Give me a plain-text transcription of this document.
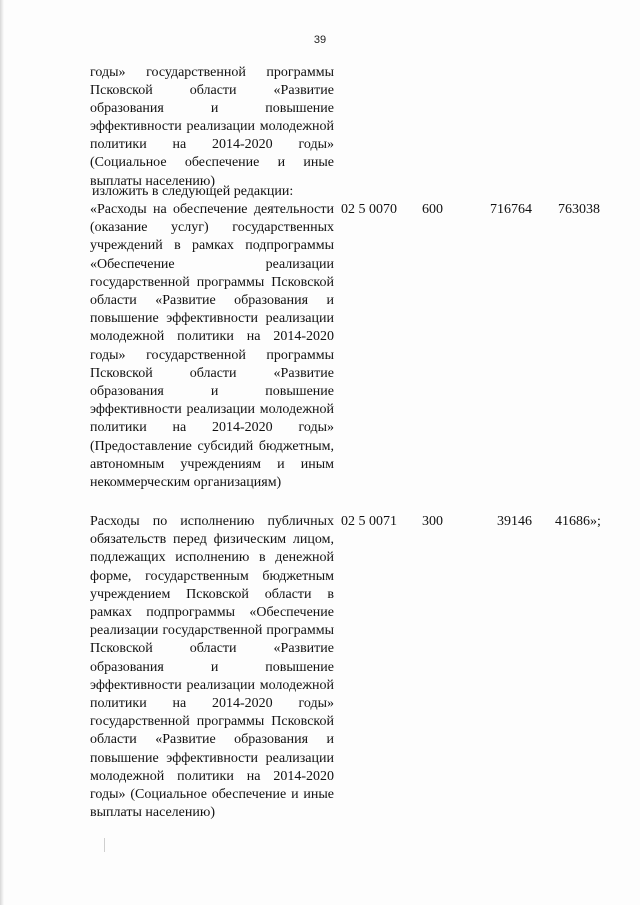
39
годы» государственной программы Псковской области «Развитие образования и повышение эффективности реализации молодежной политики на 2014-2020 годы» (Социальное обеспечение и иные выплаты населению)
изложить в следующей редакции:
«Расходы на обеспечение деятельности (оказание услуг) государственных учреждений в рамках подпрограммы «Обеспечение реализации государственной программы Псковской области «Развитие образования и повышение эффективности реализации молодежной политики на 2014-2020 годы» государственной программы Псковской области «Развитие образования и повышение эффективности реализации молодежной политики на 2014-2020 годы» (Предоставление субсидий бюджетным, автономным учреждениям и иным некоммерческим организациям)
02 5 0070 600	716764 763038
Расходы по исполнению публичных обязательств перед физическим лицом, подлежащих исполнению в денежной форме, государственным бюджетным учреждением Псковской области в рамках подпрограммы «Обеспечение реализации государственной программы Псковской области «Развитие образования и повышение эффективности реализации молодежной политики на 2014-2020 годы» государственной программы Псковской области «Развитие образования и повышение эффективности реализации молодежной политики на 2014-2020 годы» (Социальное обеспечение и иные выплаты населению)
02 5 0071 300	39146 41686»;
